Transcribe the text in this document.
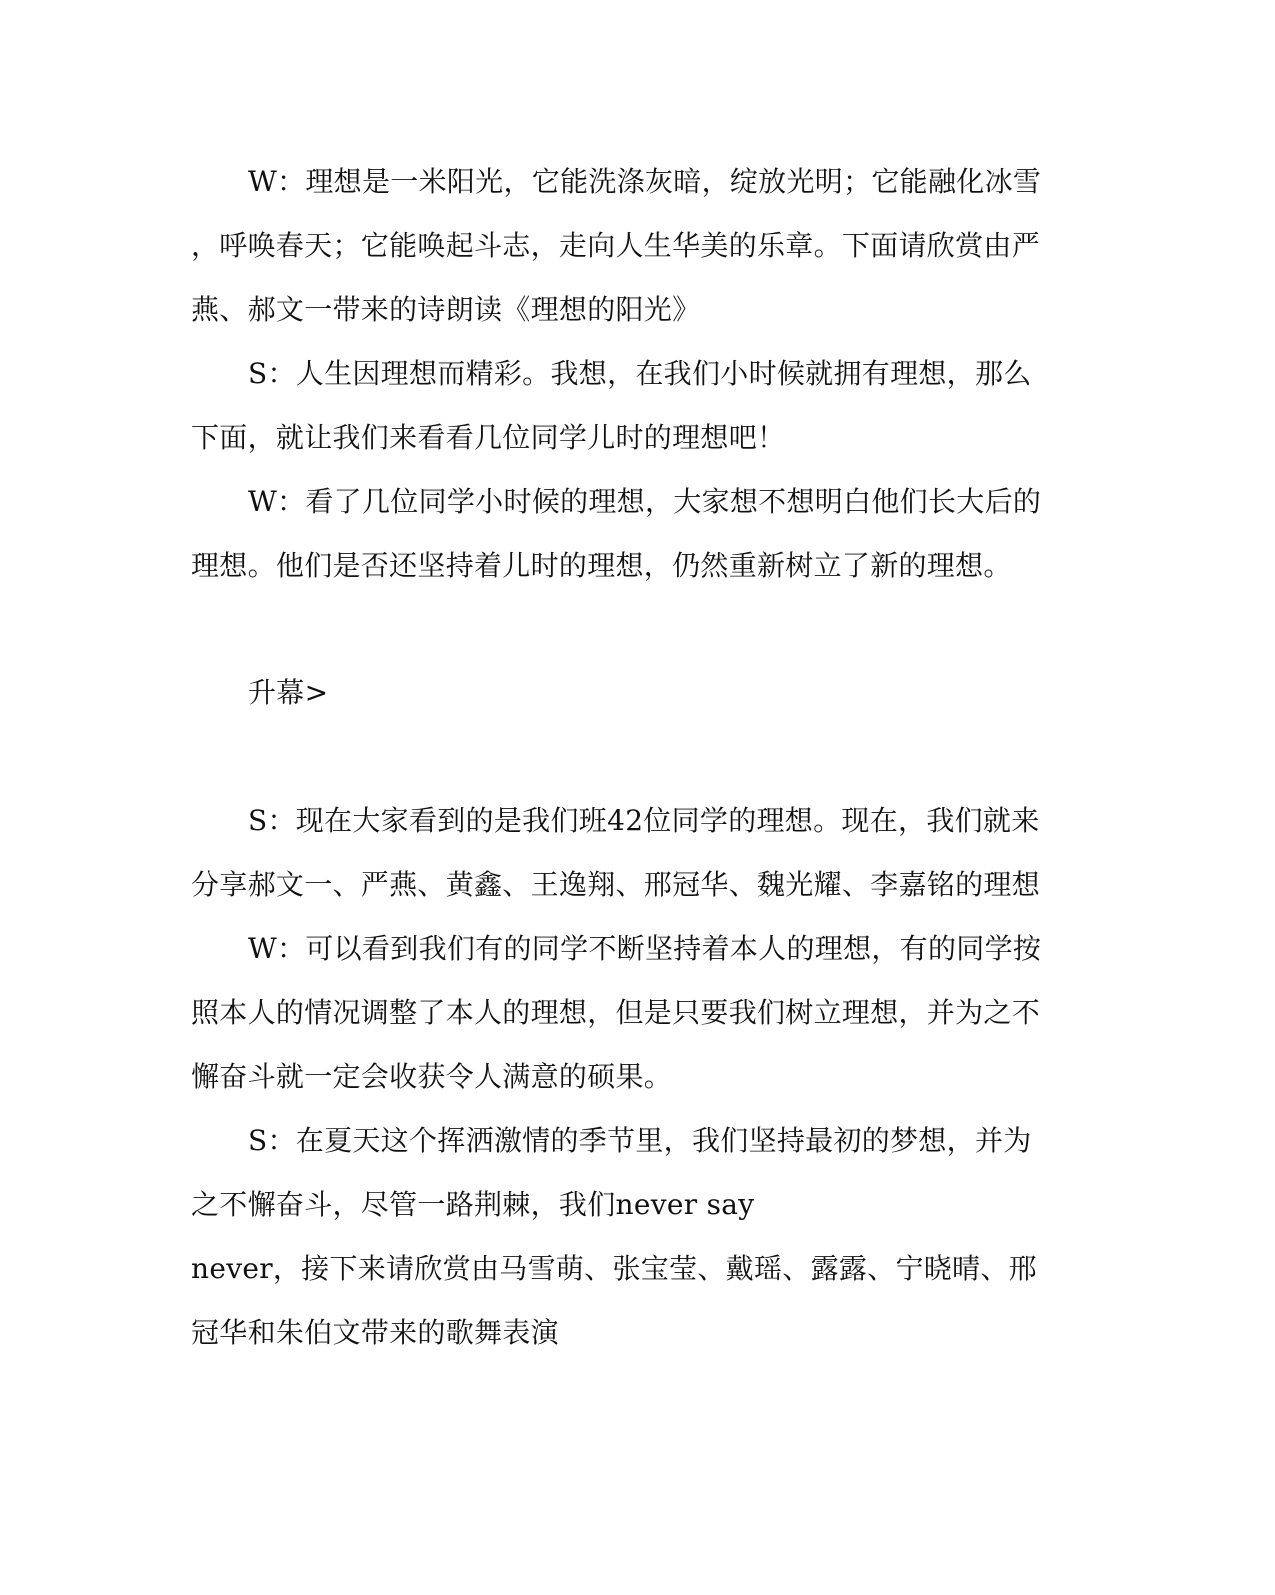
W：理想是一米阳光，它能洗涤灰暗，绽放光明；它能融化冰雪
，呼唤春天；它能唤起斗志，走向人生华美的乐章。下面请欣赏由严
燕、郝文一带来的诗朗读《理想的阳光》
S：人生因理想而精彩。我想，在我们小时候就拥有理想，那么
下面，就让我们来看看几位同学儿时的理想吧！
W：看了几位同学小时候的理想，大家想不想明白他们长大后的
理想。他们是否还坚持着儿时的理想，仍然重新树立了新的理想。
升幕>
S：现在大家看到的是我们班42位同学的理想。现在，我们就来
分享郝文一、严燕、黄鑫、王逸翔、邢冠华、魏光耀、李嘉铭的理想
W：可以看到我们有的同学不断坚持着本人的理想，有的同学按
照本人的情况调整了本人的理想，但是只要我们树立理想，并为之不
懈奋斗就一定会收获令人满意的硕果。
S：在夏天这个挥洒激情的季节里，我们坚持最初的梦想，并为
之不懈奋斗，尽管一路荆棘，我们never say
never，接下来请欣赏由马雪萌、张宝莹、戴瑶、露露、宁晓晴、邢
冠华和朱伯文带来的歌舞表演
